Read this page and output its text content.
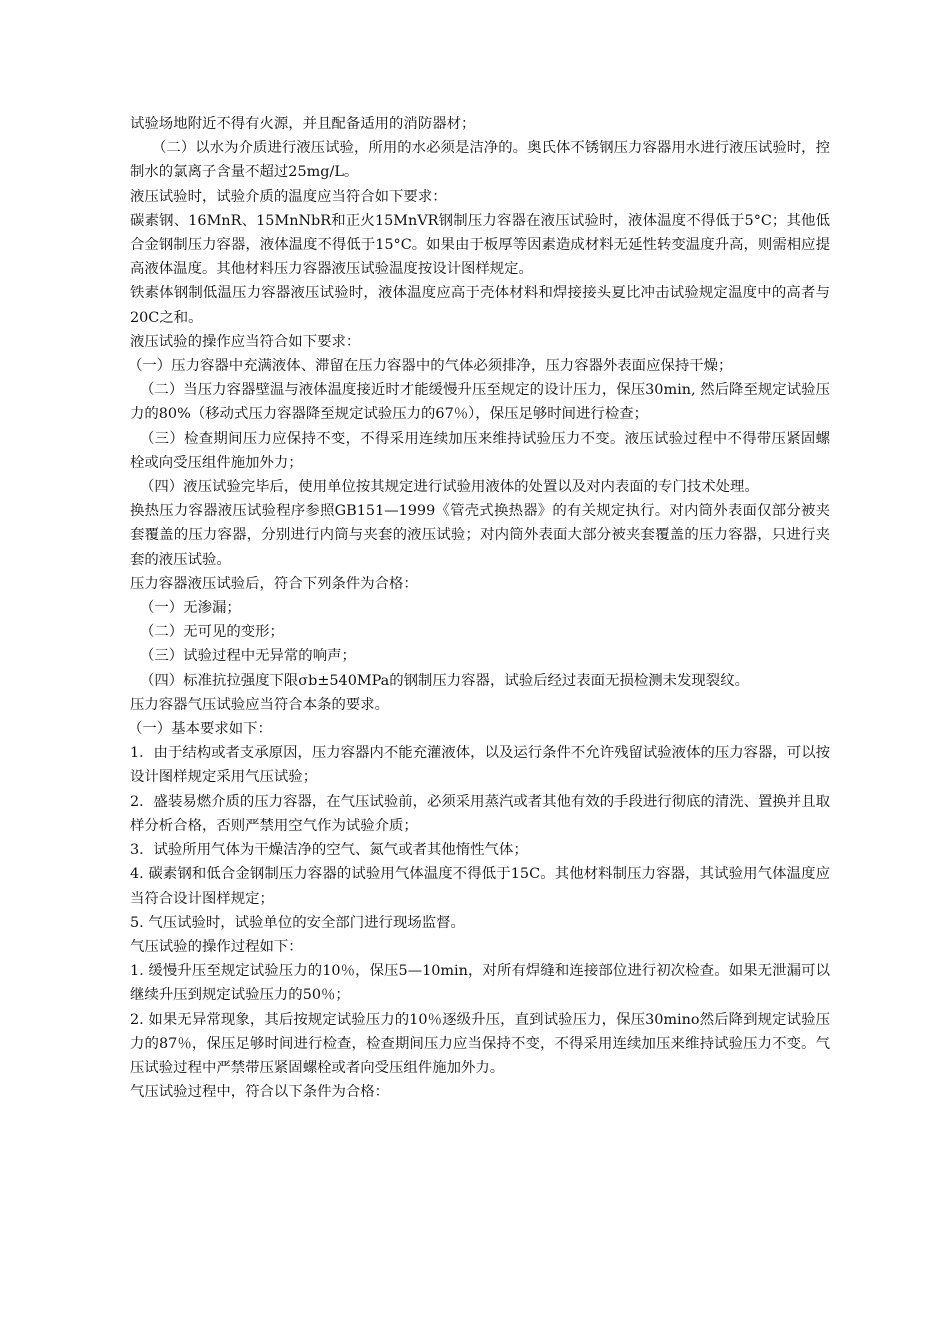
试验场地附近不得有火源，并且配备适用的消防器材；

（二）以水为介质进行液压试验，所用的水必须是洁净的。奥氏体不锈钢压力容器用水进行液压试验时，控制水的氯离子含量不超过25mg/L。

液压试验时，试验介质的温度应当符合如下要求：

碳素钢、16MnR、15MnNbR和正火15MnVR钢制压力容器在液压试验时，液体温度不得低于5°C；其他低合金钢制压力容器，液体温度不得低于15°C。如果由于板厚等因素造成材料无延性转变温度升高，则需相应提高液体温度。其他材料压力容器液压试验温度按设计图样规定。

铁素体钢制低温压力容器液压试验时，液体温度应高于壳体材料和焊接接头夏比冲击试验规定温度中的高者与20C之和。

液压试验的操作应当符合如下要求：

（一）压力容器中充满液体、滞留在压力容器中的气体必须排净，压力容器外表面应保持干燥；

（二）当压力容器壁温与液体温度接近时才能缓慢升压至规定的设计压力，保压30min, 然后降至规定试验压力的80%（移动式压力容器降至规定试验压力的67％），保压足够时间进行检查；

（三）检查期间压力应保持不变，不得采用连续加压来维持试验压力不变。液压试验过程中不得带压紧固螺栓或向受压组件施加外力；

（四）液压试验完毕后，使用单位按其规定进行试验用液体的处置以及对内表面的专门技术处理。

换热压力容器液压试验程序参照GB151—1999《管壳式换热器》的有关规定执行。对内筒外表面仅部分被夹套覆盖的压力容器，分别进行内筒与夹套的液压试验；对内筒外表面大部分被夹套覆盖的压力容器，只进行夹套的液压试验。

压力容器液压试验后，符合下列条件为合格：

（一）无渗漏；

（二）无可见的变形；

（三）试验过程中无异常的响声；

（四）标准抗拉强度下限σb±540MPa的钢制压力容器，试验后经过表面无损检测未发现裂纹。

压力容器气压试验应当符合本条的要求。

（一）基本要求如下：

1．由于结构或者支承原因，压力容器内不能充灌液体，以及运行条件不允许残留试验液体的压力容器，可以按设计图样规定采用气压试验；

2．盛装易燃介质的压力容器，在气压试验前，必须采用蒸汽或者其他有效的手段进行彻底的清洗、置换并且取样分析合格，否则严禁用空气作为试验介质；

3．试验所用气体为干燥洁净的空气、氮气或者其他惰性气体；

4. 碳素钢和低合金钢制压力容器的试验用气体温度不得低于15C。其他材料制压力容器，其试验用气体温度应当符合设计图样规定；

5. 气压试验时，试验单位的安全部门进行现场监督。

气压试验的操作过程如下：

1. 缓慢升压至规定试验压力的10％，保压5—10min，对所有焊缝和连接部位进行初次检查。如果无泄漏可以继续升压到规定试验压力的50％；

2. 如果无异常现象，其后按规定试验压力的10％逐级升压，直到试验压力，保压30mino然后降到规定试验压力的87％，保压足够时间进行检查，检查期间压力应当保持不变，不得采用连续加压来维持试验压力不变。气压试验过程中严禁带压紧固螺栓或者向受压组件施加外力。

气压试验过程中，符合以下条件为合格：
